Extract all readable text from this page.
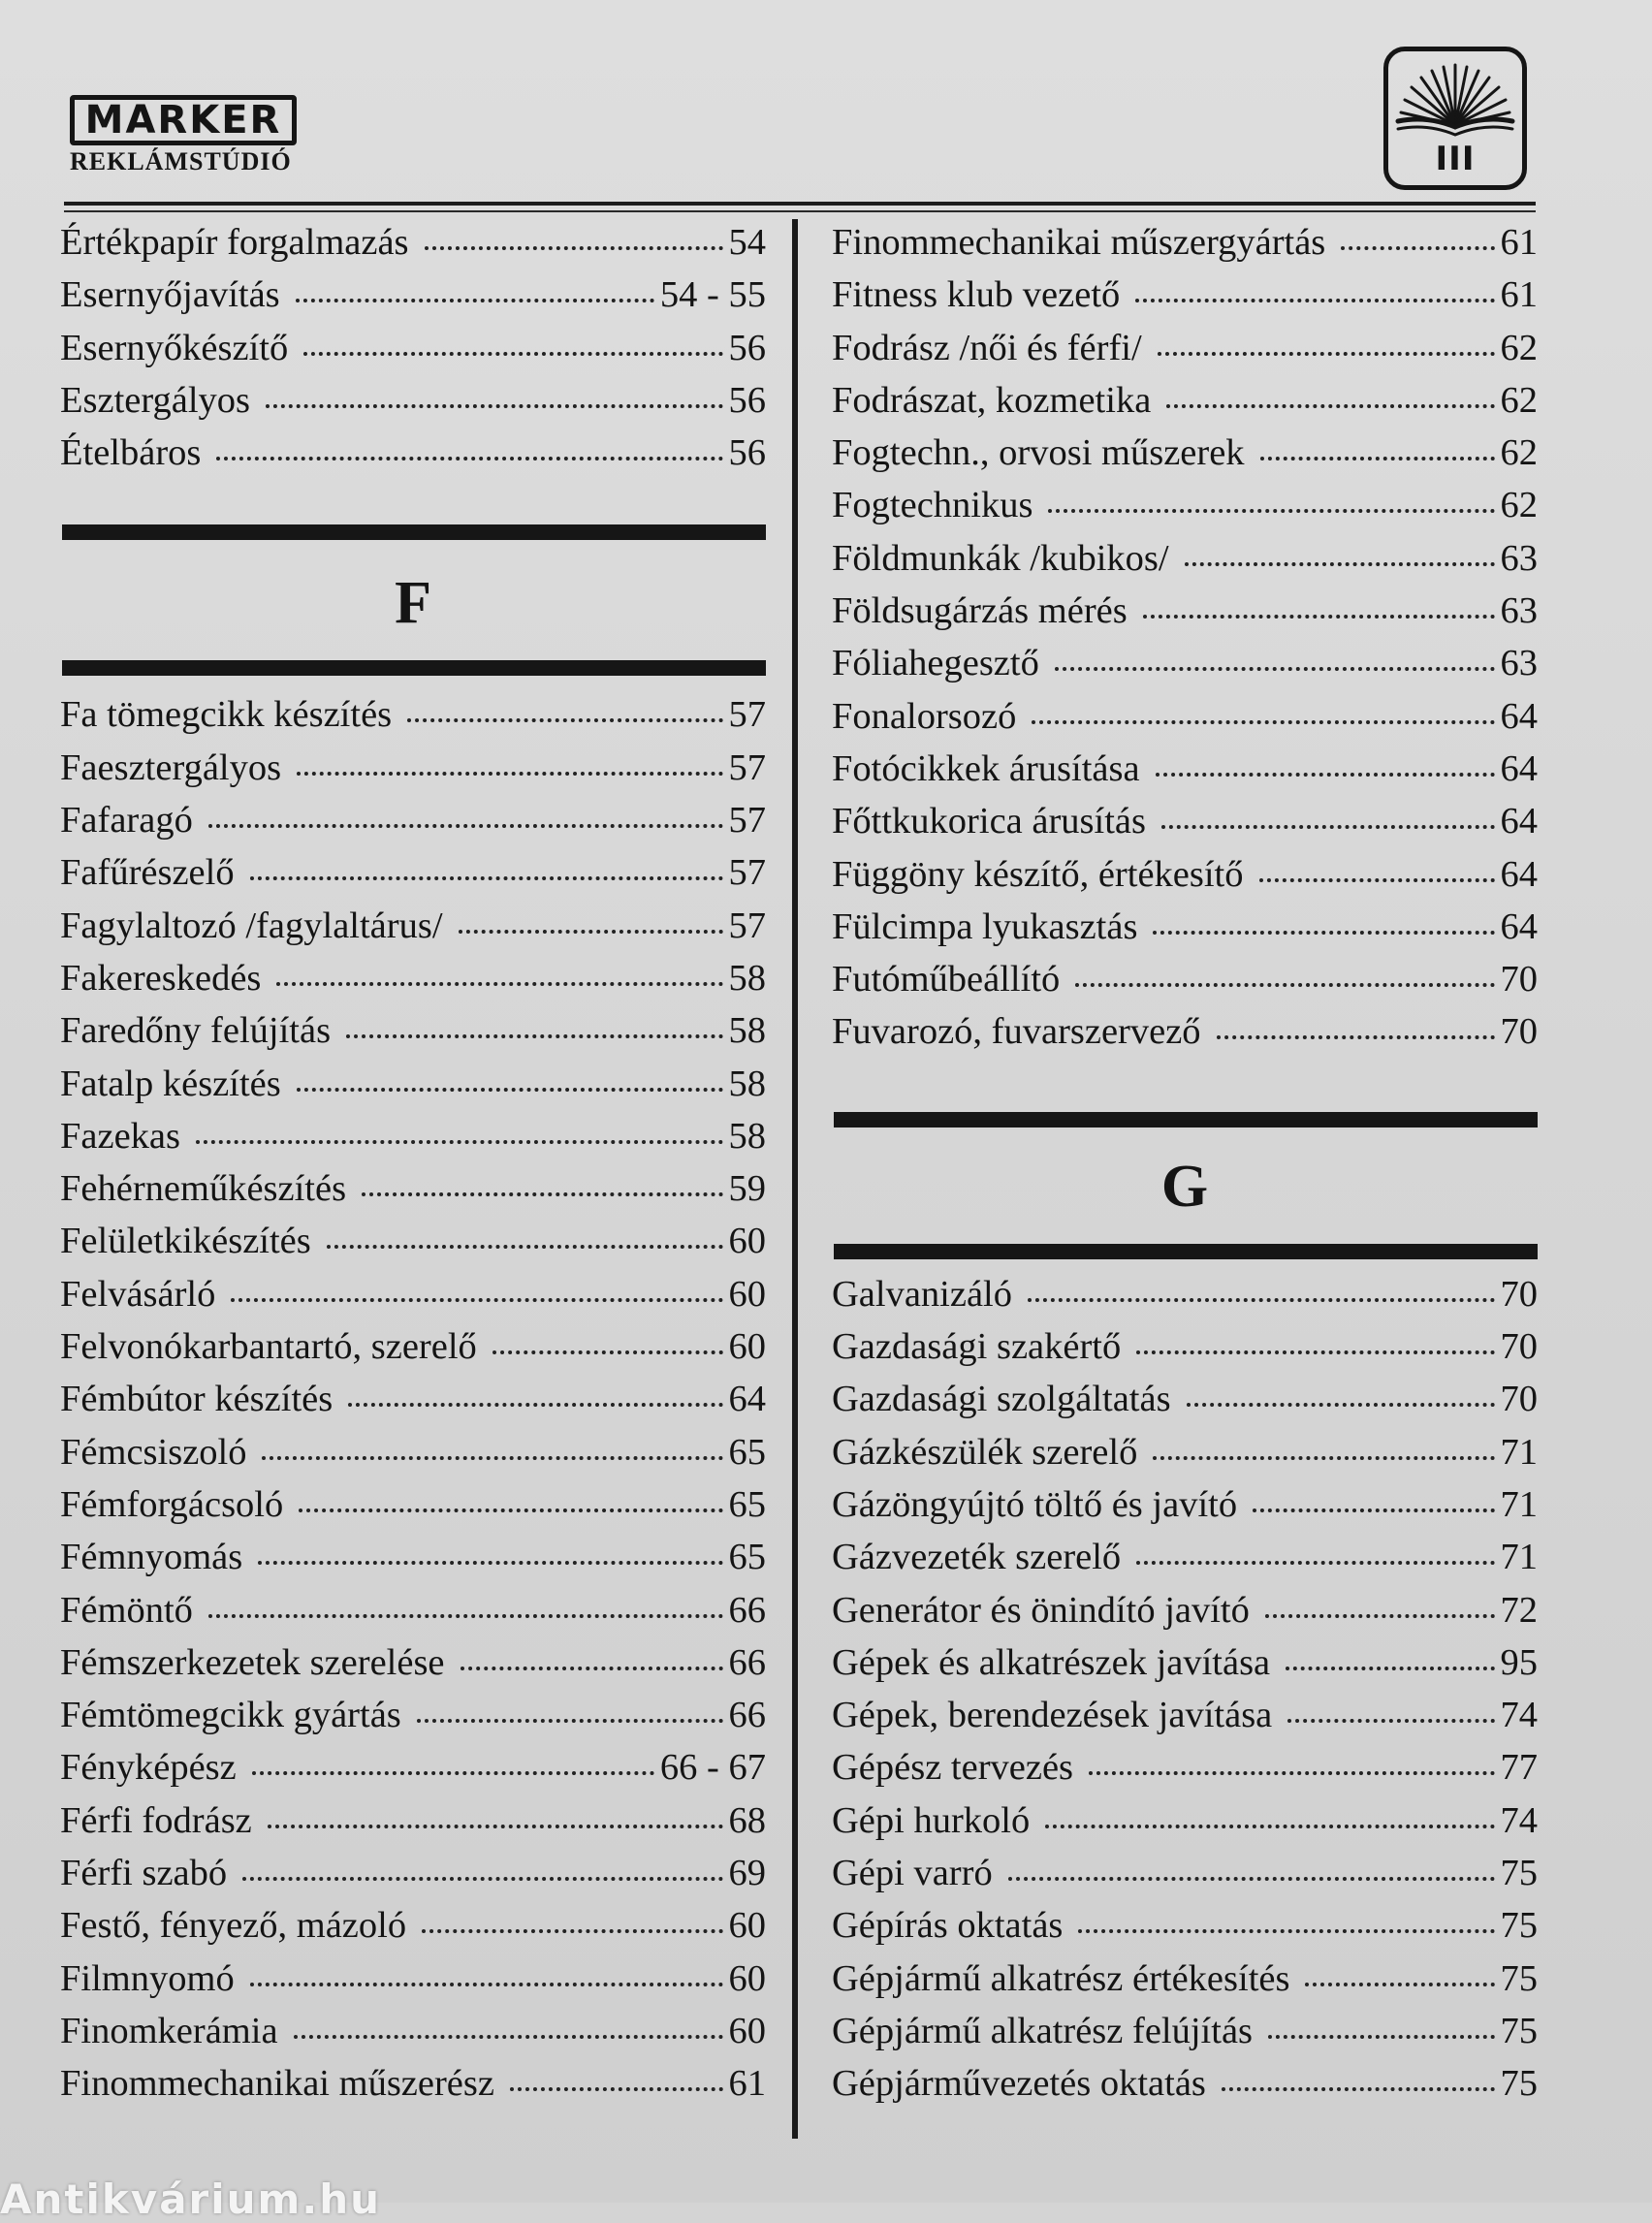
MARKER
REKLÁMSTÚDIÓ	III
Értékpapír forgalmazás	54
Esernyőjavítás	54 - 55
Esernyőkészítő	56
Esztergályos	56
Ételbáros	56
F
Fa tömegcikk készítés	57
Faesztergályos	57
Fafaragó	57
Fafűrészelő	57
Fagylaltozó /fagylaltárus/	57
Fakereskedés	58
Faredőny felújítás	58
Fatalp készítés	58
Fazekas	58
Fehérneműkészítés	59
Felületkikészítés	60
Felvásárló	60
Felvonókarbantartó, szerelő	60
Fémbútor készítés	64
Fémcsiszoló	65
Fémforgácsoló	65
Fémnyomás	65
Fémöntő	66
Fémszerkezetek szerelése	66
Fémtömegcikk gyártás	66
Fényképész	66 - 67
Férfi fodrász	68
Férfi szabó	69
Festő, fényező, mázoló	60
Filmnyomó	60
Finomkerámia	60
Finommechanikai műszerész	61
Finommechanikai műszergyártás	61
Fitness klub vezető	61
Fodrász /női és férfi/	62
Fodrászat, kozmetika	62
Fogtechn., orvosi műszerek	62
Fogtechnikus	62
Földmunkák /kubikos/	63
Földsugárzás mérés	63
Fóliahegesztő	63
Fonalorsozó	64
Fotócikkek árusítása	64
Főttkukorica árusítás	64
Függöny készítő, értékesítő	64
Fülcimpa lyukasztás	64
Futóműbeállító	70
Fuvarozó, fuvarszervező	70
G
Galvanizáló	70
Gazdasági szakértő	70
Gazdasági szolgáltatás	70
Gázkészülék szerelő	71
Gázöngyújtó töltő és javító	71
Gázvezeték szerelő	71
Generátor és önindító javító	72
Gépek és alkatrészek javítása	95
Gépek, berendezések javítása	74
Gépész tervezés	77
Gépi hurkoló	74
Gépi varró	75
Gépírás oktatás	75
Gépjármű alkatrész értékesítés	75
Gépjármű alkatrész felújítás	75
Gépjárművezetés oktatás	75
Antikvárium.hu
